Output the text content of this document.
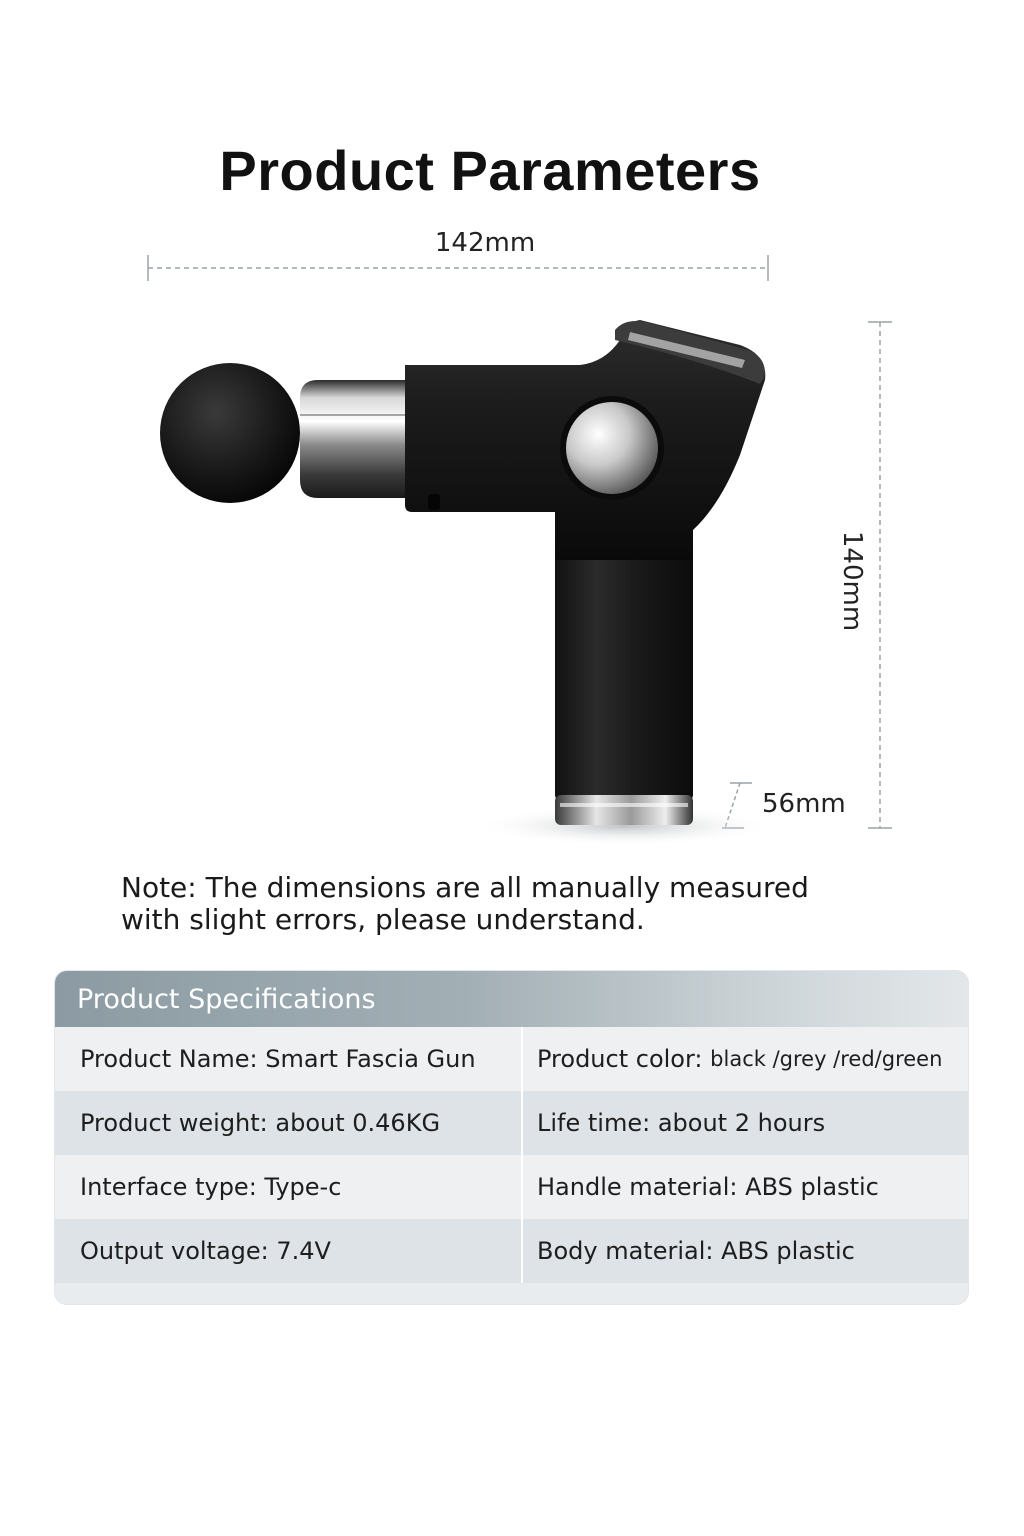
Product Parameters
142mm
140mm
56mm
Note: The dimensions are all manually measured
with slight errors, please understand.
Product Specifications
Product Name: Smart Fascia Gun	Product color: black /grey /red/green
Product weight: about 0.46KG	Life time: about 2 hours
Interface type: Type-c	Handle material: ABS plastic
Output voltage: 7.4V	Body material: ABS plastic
